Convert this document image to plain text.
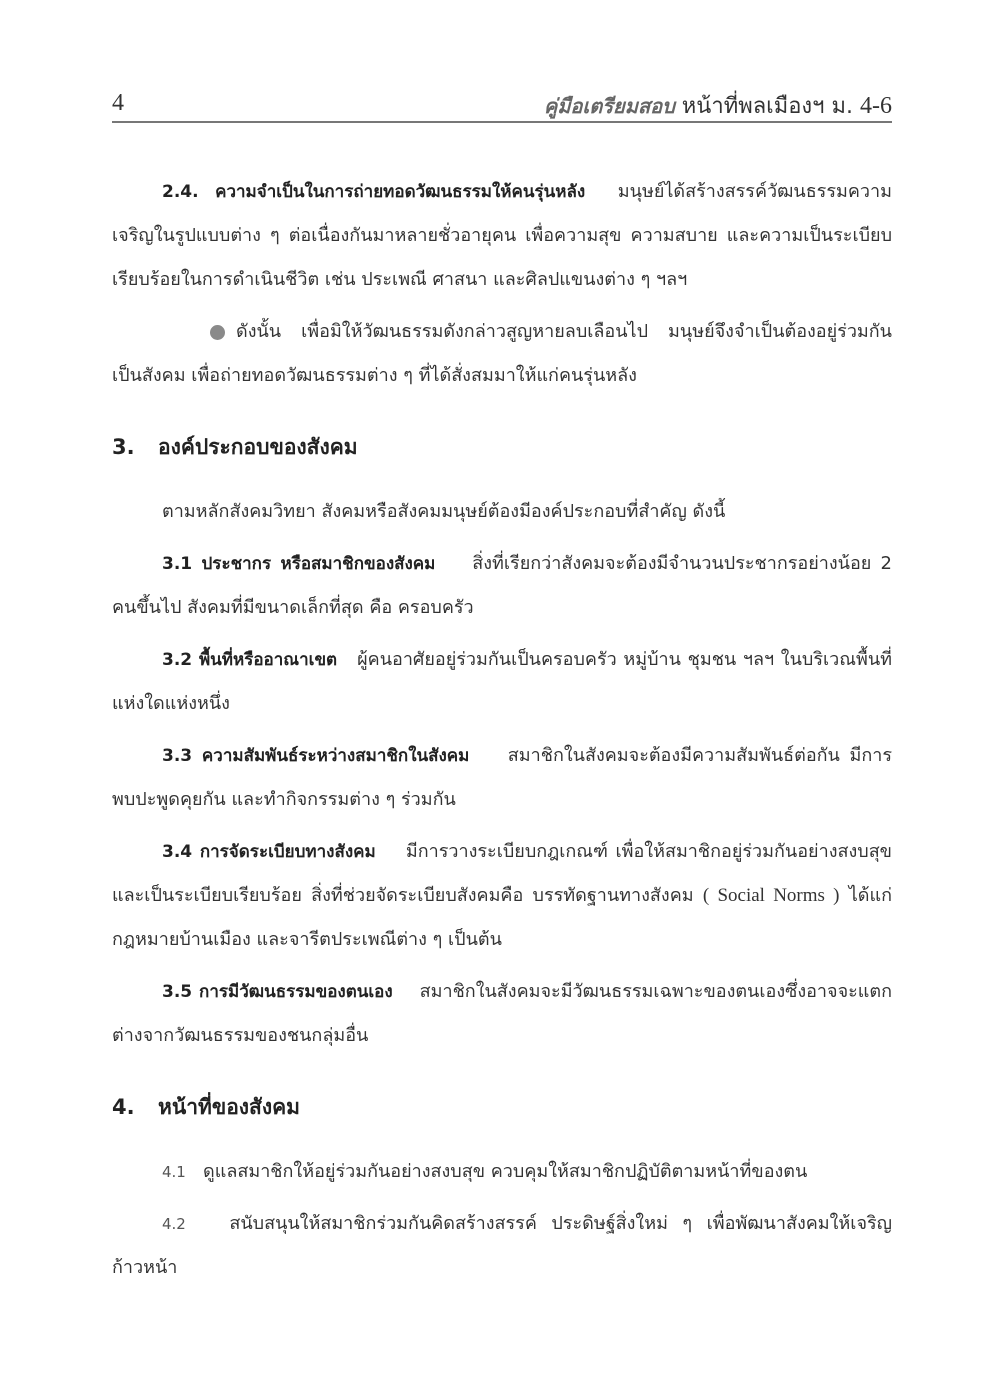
4	คู่มือเตรียมสอบ หน้าที่พลเมืองฯ ม. 4-6

2.4. ความจำเป็นในการถ่ายทอดวัฒนธรรมให้คนรุ่นหลัง มนุษย์ได้สร้างสรรค์วัฒนธรรมความเจริญในรูปแบบต่าง ๆ ต่อเนื่องกันมาหลายชั่วอายุคน เพื่อความสุข ความสบาย และความเป็นระเบียบเรียบร้อยในการดำเนินชีวิต เช่น ประเพณี ศาสนา และศิลปแขนงต่าง ๆ ฯลฯ

ดังนั้น เพื่อมิให้วัฒนธรรมดังกล่าวสูญหายลบเลือนไป มนุษย์จึงจำเป็นต้องอยู่ร่วมกันเป็นสังคม เพื่อถ่ายทอดวัฒนธรรมต่าง ๆ ที่ได้สั่งสมมาให้แก่คนรุ่นหลัง

3. องค์ประกอบของสังคม

ตามหลักสังคมวิทยา สังคมหรือสังคมมนุษย์ต้องมีองค์ประกอบที่สำคัญ ดังนี้

3.1 ประชากร หรือสมาชิกของสังคม สิ่งที่เรียกว่าสังคมจะต้องมีจำนวนประชากรอย่างน้อย 2 คนขึ้นไป สังคมที่มีขนาดเล็กที่สุด คือ ครอบครัว

3.2 พื้นที่หรืออาณาเขต ผู้คนอาศัยอยู่ร่วมกันเป็นครอบครัว หมู่บ้าน ชุมชน ฯลฯ ในบริเวณพื้นที่แห่งใดแห่งหนึ่ง

3.3 ความสัมพันธ์ระหว่างสมาชิกในสังคม สมาชิกในสังคมจะต้องมีความสัมพันธ์ต่อกัน มีการพบปะพูดคุยกัน และทำกิจกรรมต่าง ๆ ร่วมกัน

3.4 การจัดระเบียบทางสังคม มีการวางระเบียบกฎเกณฑ์ เพื่อให้สมาชิกอยู่ร่วมกันอย่างสงบสุขและเป็นระเบียบเรียบร้อย สิ่งที่ช่วยจัดระเบียบสังคมคือ บรรทัดฐานทางสังคม ( Social Norms ) ได้แก่ กฎหมายบ้านเมือง และจารีตประเพณีต่าง ๆ เป็นต้น

3.5 การมีวัฒนธรรมของตนเอง สมาชิกในสังคมจะมีวัฒนธรรมเฉพาะของตนเองซึ่งอาจจะแตกต่างจากวัฒนธรรมของชนกลุ่มอื่น

4. หน้าที่ของสังคม

4.1 ดูแลสมาชิกให้อยู่ร่วมกันอย่างสงบสุข ควบคุมให้สมาชิกปฏิบัติตามหน้าที่ของตน

4.2 สนับสนุนให้สมาชิกร่วมกันคิดสร้างสรรค์ ประดิษฐ์สิ่งใหม่ ๆ เพื่อพัฒนาสังคมให้เจริญก้าวหน้า
